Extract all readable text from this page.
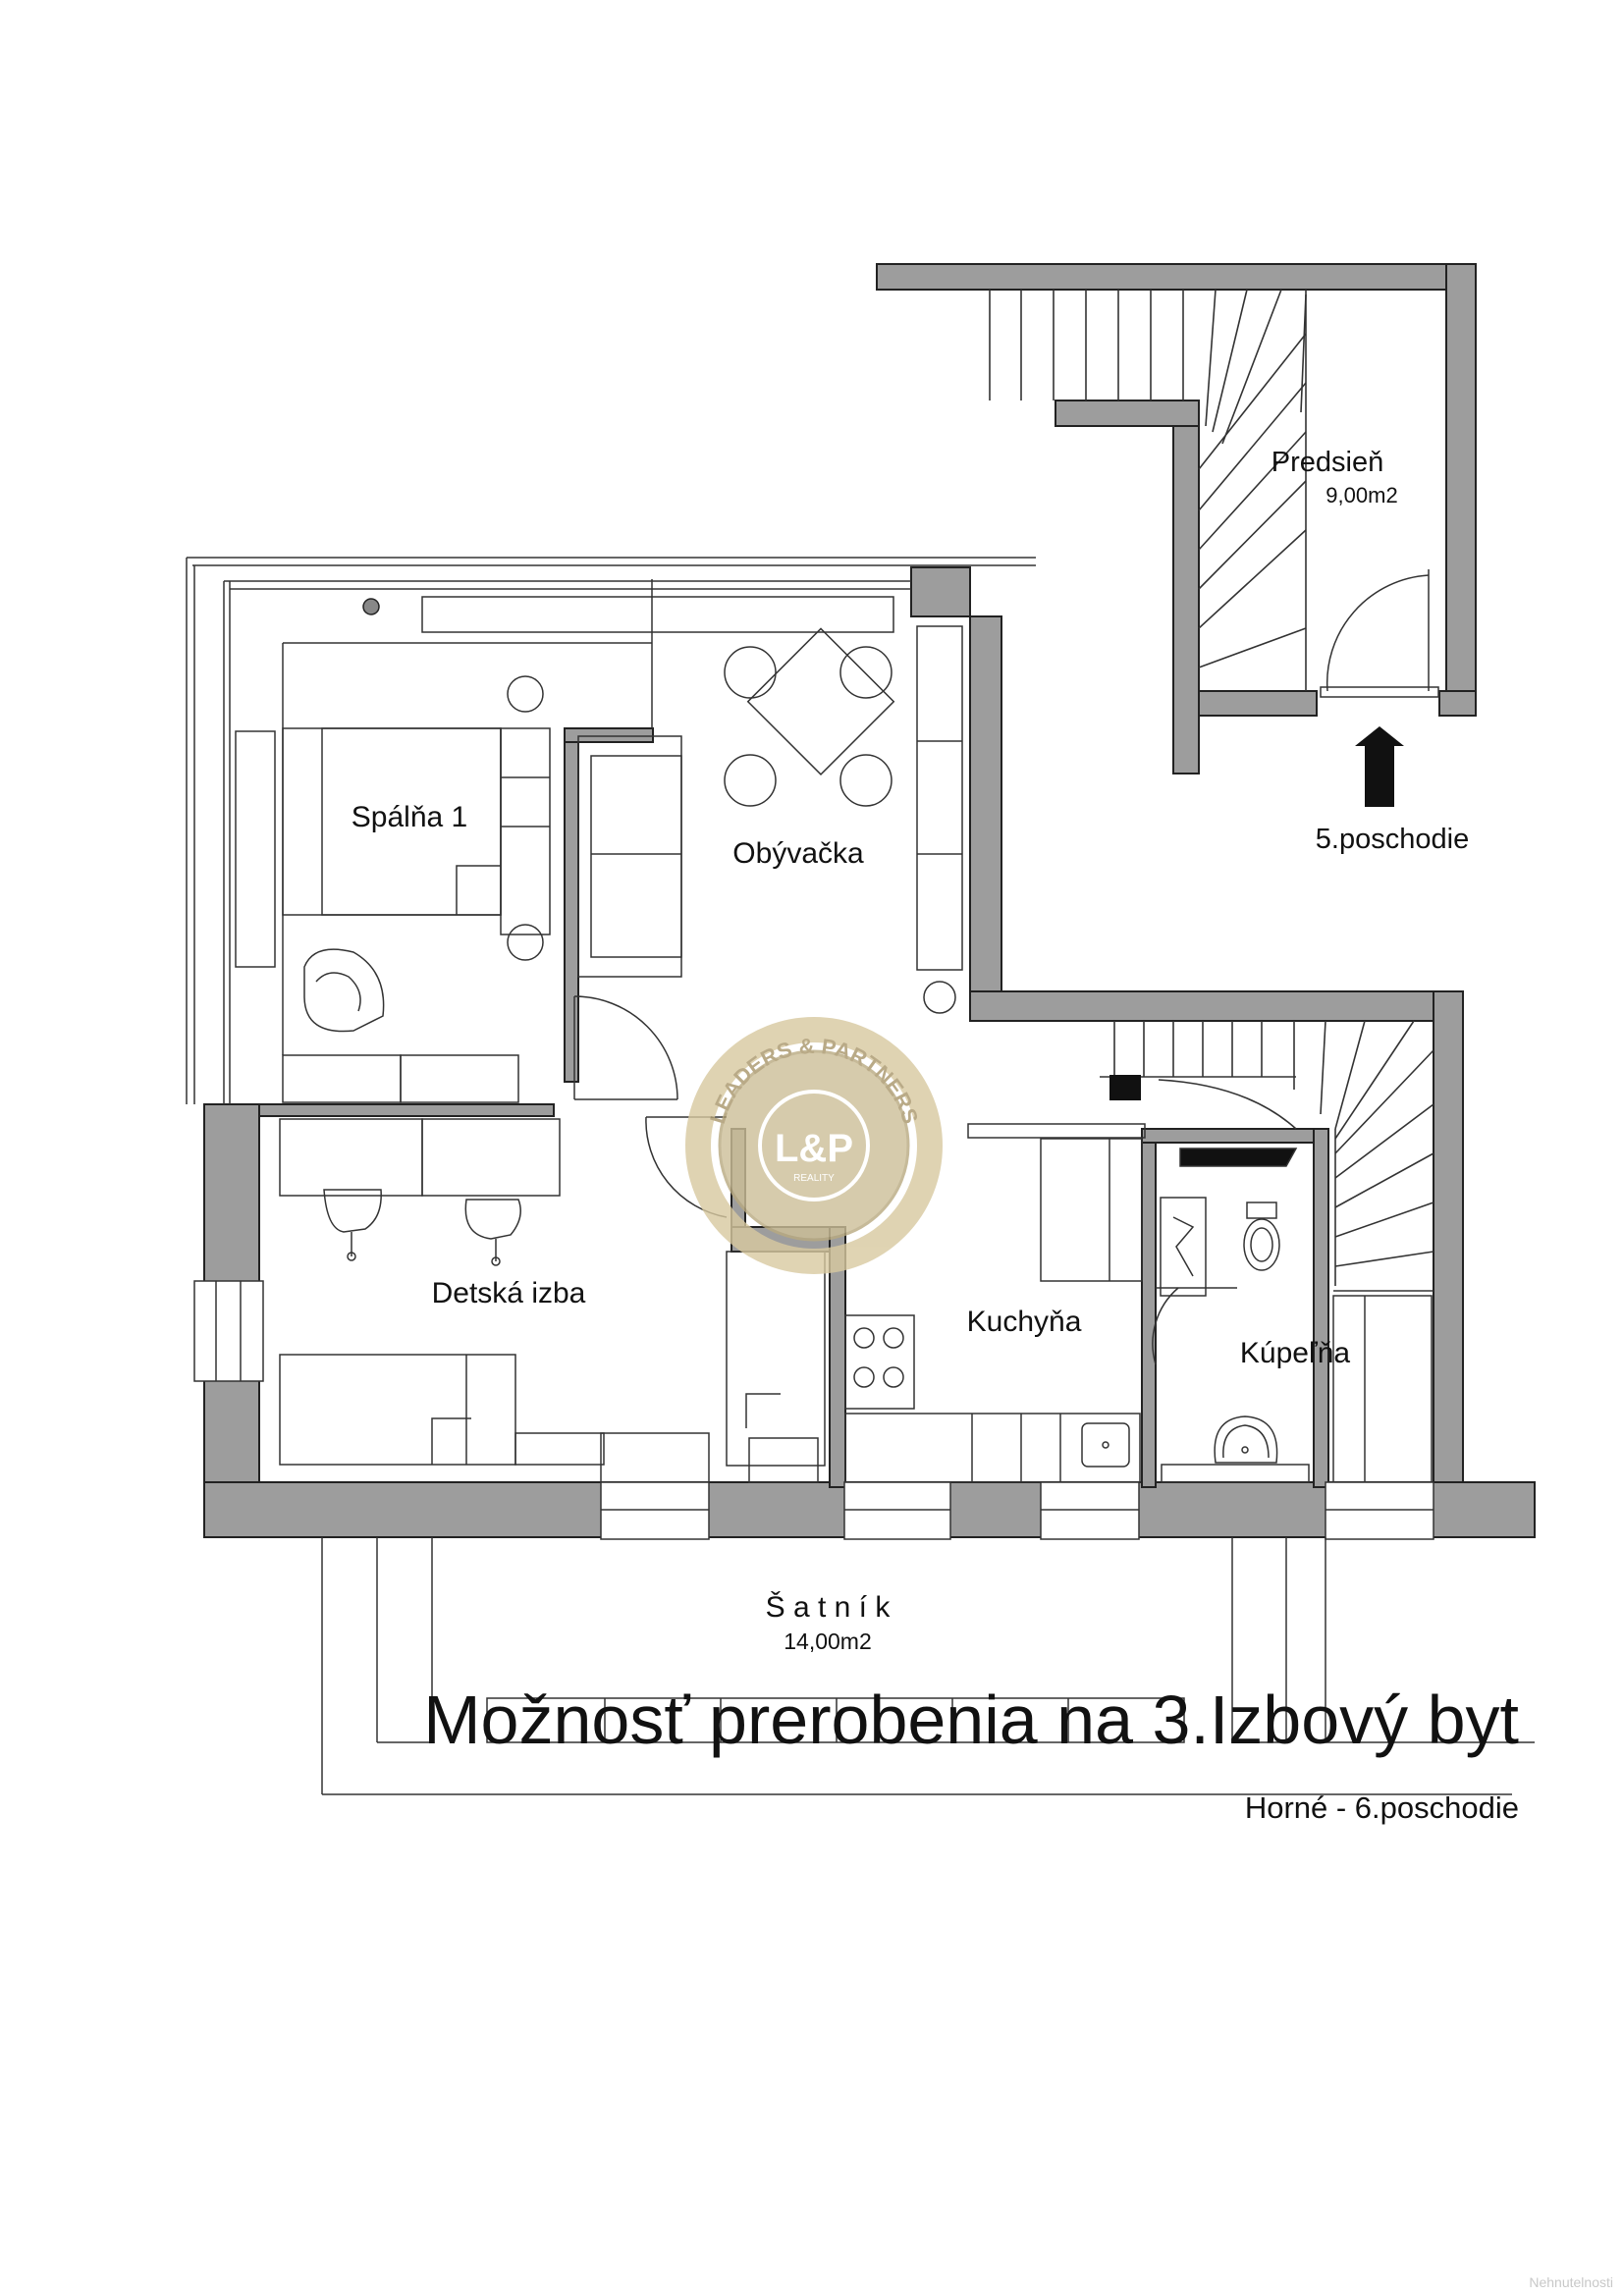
LEADERS & PARTNERS
L&P
REALITY
Predsieň
9,00m2
5.poschodie
Spálňa 1
Obývačka
Detská izba
Kuchyňa
Kúpeľňa
Š a t n í k
14,00m2
Možnosť prerobenia na 3.Izbový byt
Horné - 6.poschodie
Nehnutelnosti
